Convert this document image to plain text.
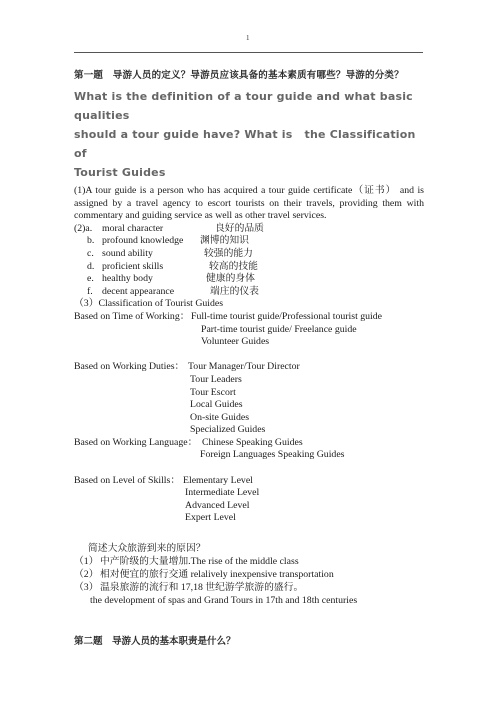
1

第一题　导游人员的定义？导游员应该具备的基本素质有哪些？导游的分类？

What is the definition of a tour guide and what basic qualities
should a tour guide have? What is the Classification of
Tourist Guides

(1)A tour guide is a person who has acquired a tour guide certificate（证书） and is assigned by a travel agency to escort tourists on their travels, providing them with commentary and guiding service as well as other travel services.
(2)a. moral character	良好的品质
b. profound knowledge 渊博的知识
c. sound ability	较强的能力
d. proficient skills	较高的技能
e. healthy body	健康的身体
f. decent appearance	端庄的仪表
（3）Classification of Tourist Guides
Based on Time of Working： Full-time tourist guide/Professional tourist guide
Part-time tourist guide/ Freelance guide
Volunteer Guides
Based on Working Duties： Tour Manager/Tour Director
Tour Leaders
Tour Escort
Local Guides
On-site Guides
Specialized Guides
Based on Working Language： Chinese Speaking Guides
Foreign Languages Speaking Guides
Based on Level of Skills： Elementary Level
Intermediate Level
Advanced Level
Expert Level
简述大众旅游到来的原因？
（1） 中产阶级的大量增加.The rise of the middle class
（2） 相对便宜的旅行交通 relalively inexpensive transportation
（3） 温泉旅游的流行和 17,18 世纪游学旅游的盛行。
the development of spas and Grand Tours in 17th and 18th centuries
第二题　导游人员的基本职责是什么？
